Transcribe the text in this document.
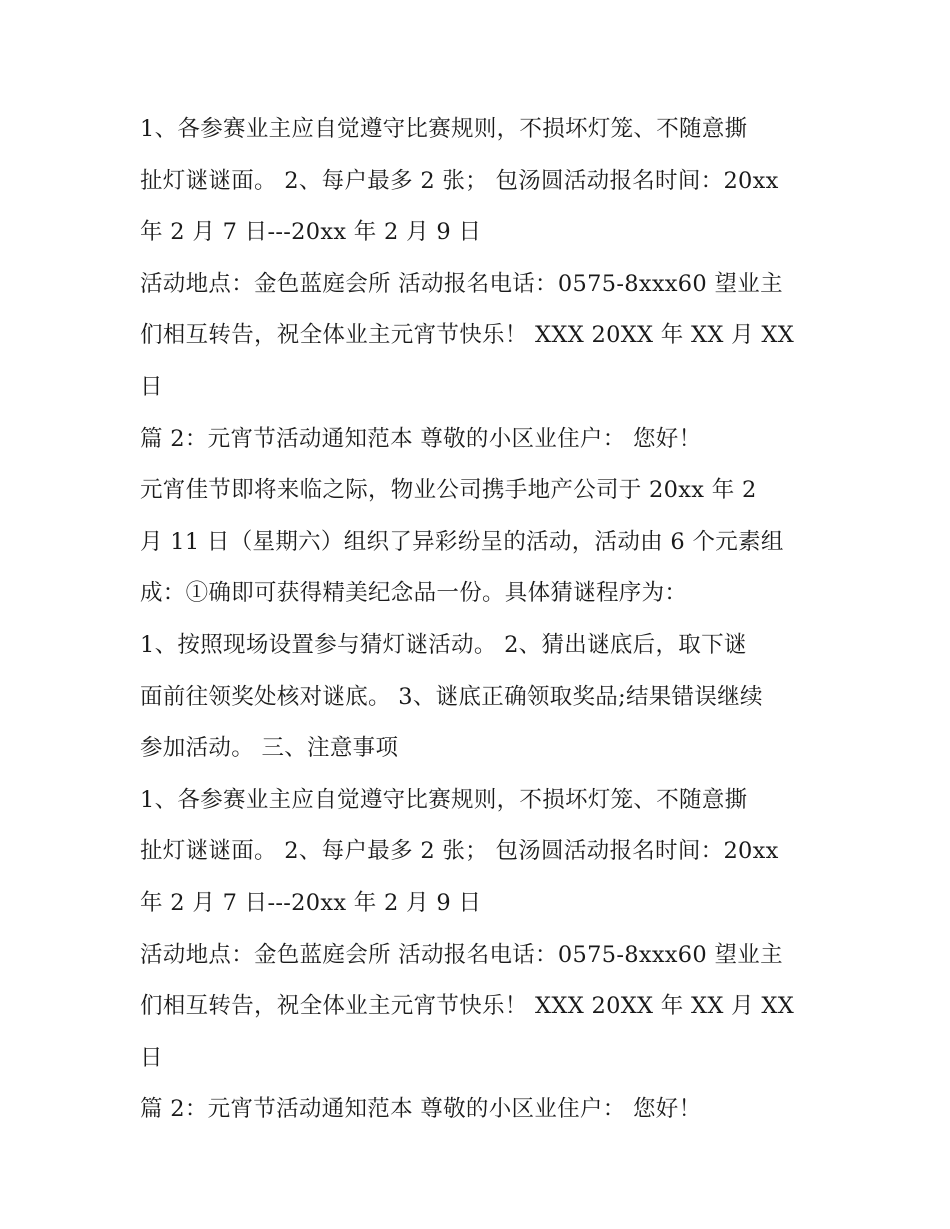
1、各参赛业主应自觉遵守比赛规则，不损坏灯笼、不随意撕
扯灯谜谜面。 2、每户最多 2 张； 包汤圆活动报名时间：20xx
年 2 月 7 日---20xx 年 2 月 9 日
活动地点：金色蓝庭会所 活动报名电话：0575-8xxx60 望业主
们相互转告，祝全体业主元宵节快乐！ XXX 20XX 年 XX 月 XX
日
篇 2：元宵节活动通知范本 尊敬的小区业住户： 您好！
元宵佳节即将来临之际，物业公司携手地产公司于 20xx 年 2
月 11 日（星期六）组织了异彩纷呈的活动，活动由 6 个元素组
成：①确即可获得精美纪念品一份。具体猜谜程序为：
1、按照现场设置参与猜灯谜活动。 2、猜出谜底后，取下谜
面前往领奖处核对谜底。 3、谜底正确领取奖品;结果错误继续
参加活动。 三、注意事项
1、各参赛业主应自觉遵守比赛规则，不损坏灯笼、不随意撕
扯灯谜谜面。 2、每户最多 2 张； 包汤圆活动报名时间：20xx
年 2 月 7 日---20xx 年 2 月 9 日
活动地点：金色蓝庭会所 活动报名电话：0575-8xxx60 望业主
们相互转告，祝全体业主元宵节快乐！ XXX 20XX 年 XX 月 XX
日
篇 2：元宵节活动通知范本 尊敬的小区业住户： 您好！
